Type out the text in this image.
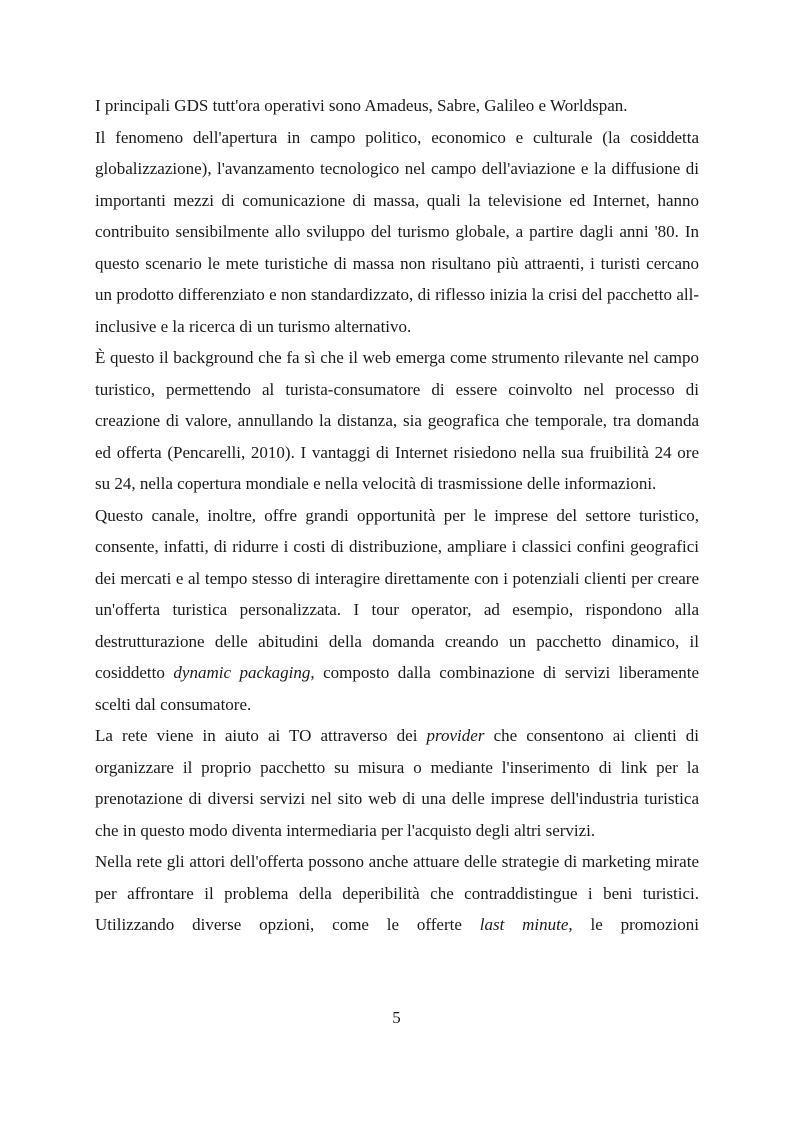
I principali GDS tutt'ora operativi sono Amadeus, Sabre, Galileo e Worldspan.

Il fenomeno dell'apertura in campo politico, economico e culturale (la cosiddetta globalizzazione), l'avanzamento tecnologico nel campo dell'aviazione e la diffusione di importanti mezzi di comunicazione di massa, quali la televisione ed Internet, hanno contribuito sensibilmente allo sviluppo del turismo globale, a partire dagli anni '80. In questo scenario le mete turistiche di massa non risultano più attraenti, i turisti cercano un prodotto differenziato e non standardizzato, di riflesso inizia la crisi del pacchetto all-inclusive e la ricerca di un turismo alternativo.

È questo il background che fa sì che il web emerga come strumento rilevante nel campo turistico, permettendo al turista-consumatore di essere coinvolto nel processo di creazione di valore, annullando la distanza, sia geografica che temporale, tra domanda ed offerta (Pencarelli, 2010). I vantaggi di Internet risiedono nella sua fruibilità 24 ore su 24, nella copertura mondiale e nella velocità di trasmissione delle informazioni.

Questo canale, inoltre, offre grandi opportunità per le imprese del settore turistico, consente, infatti, di ridurre i costi di distribuzione, ampliare i classici confini geografici dei mercati e al tempo stesso di interagire direttamente con i potenziali clienti per creare un'offerta turistica personalizzata. I tour operator, ad esempio, rispondono alla destrutturazione delle abitudini della domanda creando un pacchetto dinamico, il cosiddetto dynamic packaging, composto dalla combinazione di servizi liberamente scelti dal consumatore.

La rete viene in aiuto ai TO attraverso dei provider che consentono ai clienti di organizzare il proprio pacchetto su misura o mediante l'inserimento di link per la prenotazione di diversi servizi nel sito web di una delle imprese dell'industria turistica che in questo modo diventa intermediaria per l'acquisto degli altri servizi.

Nella rete gli attori dell'offerta possono anche attuare delle strategie di marketing mirate per affrontare il problema della deperibilità che contraddistingue i beni turistici. Utilizzando diverse opzioni, come le offerte last minute, le promozioni

5
